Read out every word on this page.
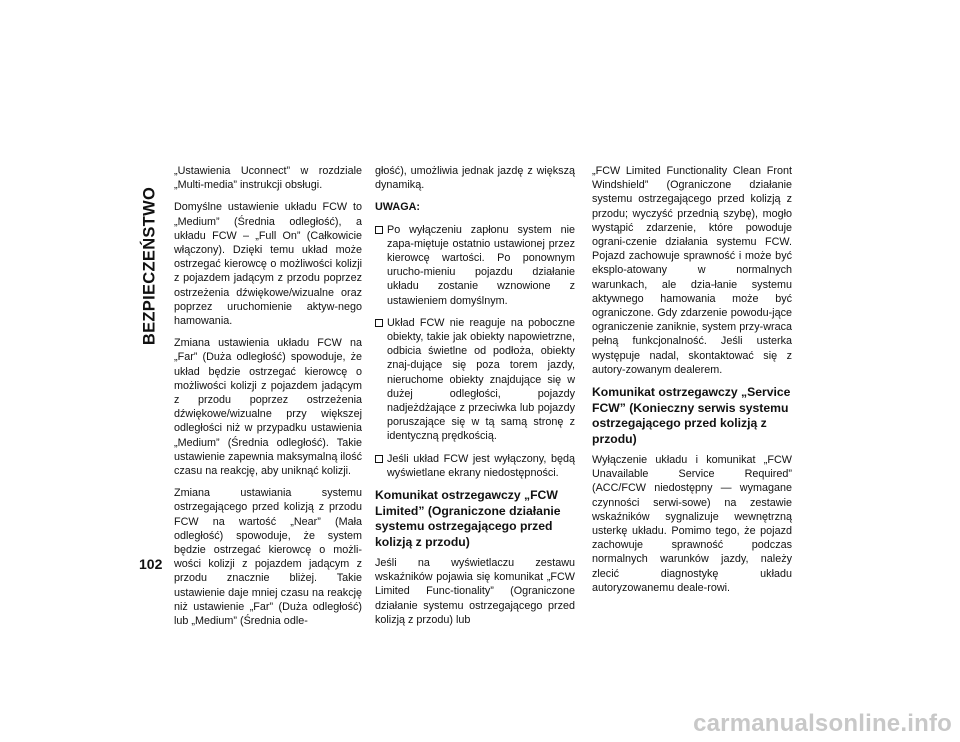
BEZPIECZEŃSTWO
102

„Ustawienia Uconnect” w rozdziale „Multi-media” instrukcji obsługi.

Domyślne ustawienie układu FCW to „Medium” (Średnia odległość), a układu FCW – „Full On” (Całkowicie włączony). Dzięki temu układ może ostrzegać kierowcę o możliwości kolizji z pojazdem jadącym z przodu poprzez ostrzeżenia dźwiękowe/wizualne oraz poprzez uruchomienie aktyw-nego hamowania.

Zmiana ustawienia układu FCW na „Far” (Duża odległość) spowoduje, że układ będzie ostrzegać kierowcę o możliwości kolizji z pojazdem jadącym z przodu poprzez ostrzeżenia dźwiękowe/wizualne przy większej odległości niż w przypadku ustawienia „Medium” (Średnia odległość). Takie ustawienie zapewnia maksymalną ilość czasu na reakcję, aby uniknąć kolizji.

Zmiana ustawiania systemu ostrzegającego przed kolizją z przodu FCW na wartość „Near” (Mała odległość) spowoduje, że system będzie ostrzegać kierowcę o możli-wości kolizji z pojazdem jadącym z przodu znacznie bliżej. Takie ustawienie daje mniej czasu na reakcję niż ustawienie „Far” (Duża odległość) lub „Medium” (Średnia odle-

głość), umożliwia jednak jazdę z większą dynamiką.

UWAGA:

Po wyłączeniu zapłonu system nie zapa-miętuje ostatnio ustawionej przez kierowcę wartości. Po ponownym urucho-mieniu pojazdu działanie układu zostanie wznowione z ustawieniem domyślnym.
Układ FCW nie reaguje na poboczne obiekty, takie jak obiekty napowietrzne, odbicia świetlne od podłoża, obiekty znaj-dujące się poza torem jazdy, nieruchome obiekty znajdujące się w dużej odległości, pojazdy nadjeżdżające z przeciwka lub pojazdy poruszające się w tą samą stronę z identyczną prędkością.
Jeśli układ FCW jest wyłączony, będą wyświetlane ekrany niedostępności.
Komunikat ostrzegawczy „FCW Limited” (Ograniczone działanie systemu ostrzegającego przed kolizją z przodu)

Jeśli na wyświetlaczu zestawu wskaźników pojawia się komunikat „FCW Limited Func-tionality” (Ograniczone działanie systemu ostrzegającego przed kolizją z przodu) lub

„FCW Limited Functionality Clean Front Windshield” (Ograniczone działanie systemu ostrzegającego przed kolizją z przodu; wyczyść przednią szybę), mogło wystąpić zdarzenie, które powoduje ograni-czenie działania systemu FCW. Pojazd zachowuje sprawność i może być eksplo-atowany w normalnych warunkach, ale dzia-łanie systemu aktywnego hamowania może być ograniczone. Gdy zdarzenie powodu-jące ograniczenie zaniknie, system przy-wraca pełną funkcjonalność. Jeśli usterka występuje nadal, skontaktować się z autory-zowanym dealerem.

Komunikat ostrzegawczy „Service FCW” (Konieczny serwis systemu ostrzegającego przed kolizją z przodu)

Wyłączenie układu i komunikat „FCW Unavailable Service Required” (ACC/FCW niedostępny — wymagane czynności serwi-sowe) na zestawie wskaźników sygnalizuje wewnętrzną usterkę układu. Pomimo tego, że pojazd zachowuje sprawność podczas normalnych warunków jazdy, należy zlecić diagnostykę układu autoryzowanemu deale-rowi.

carmanualsonline.info
